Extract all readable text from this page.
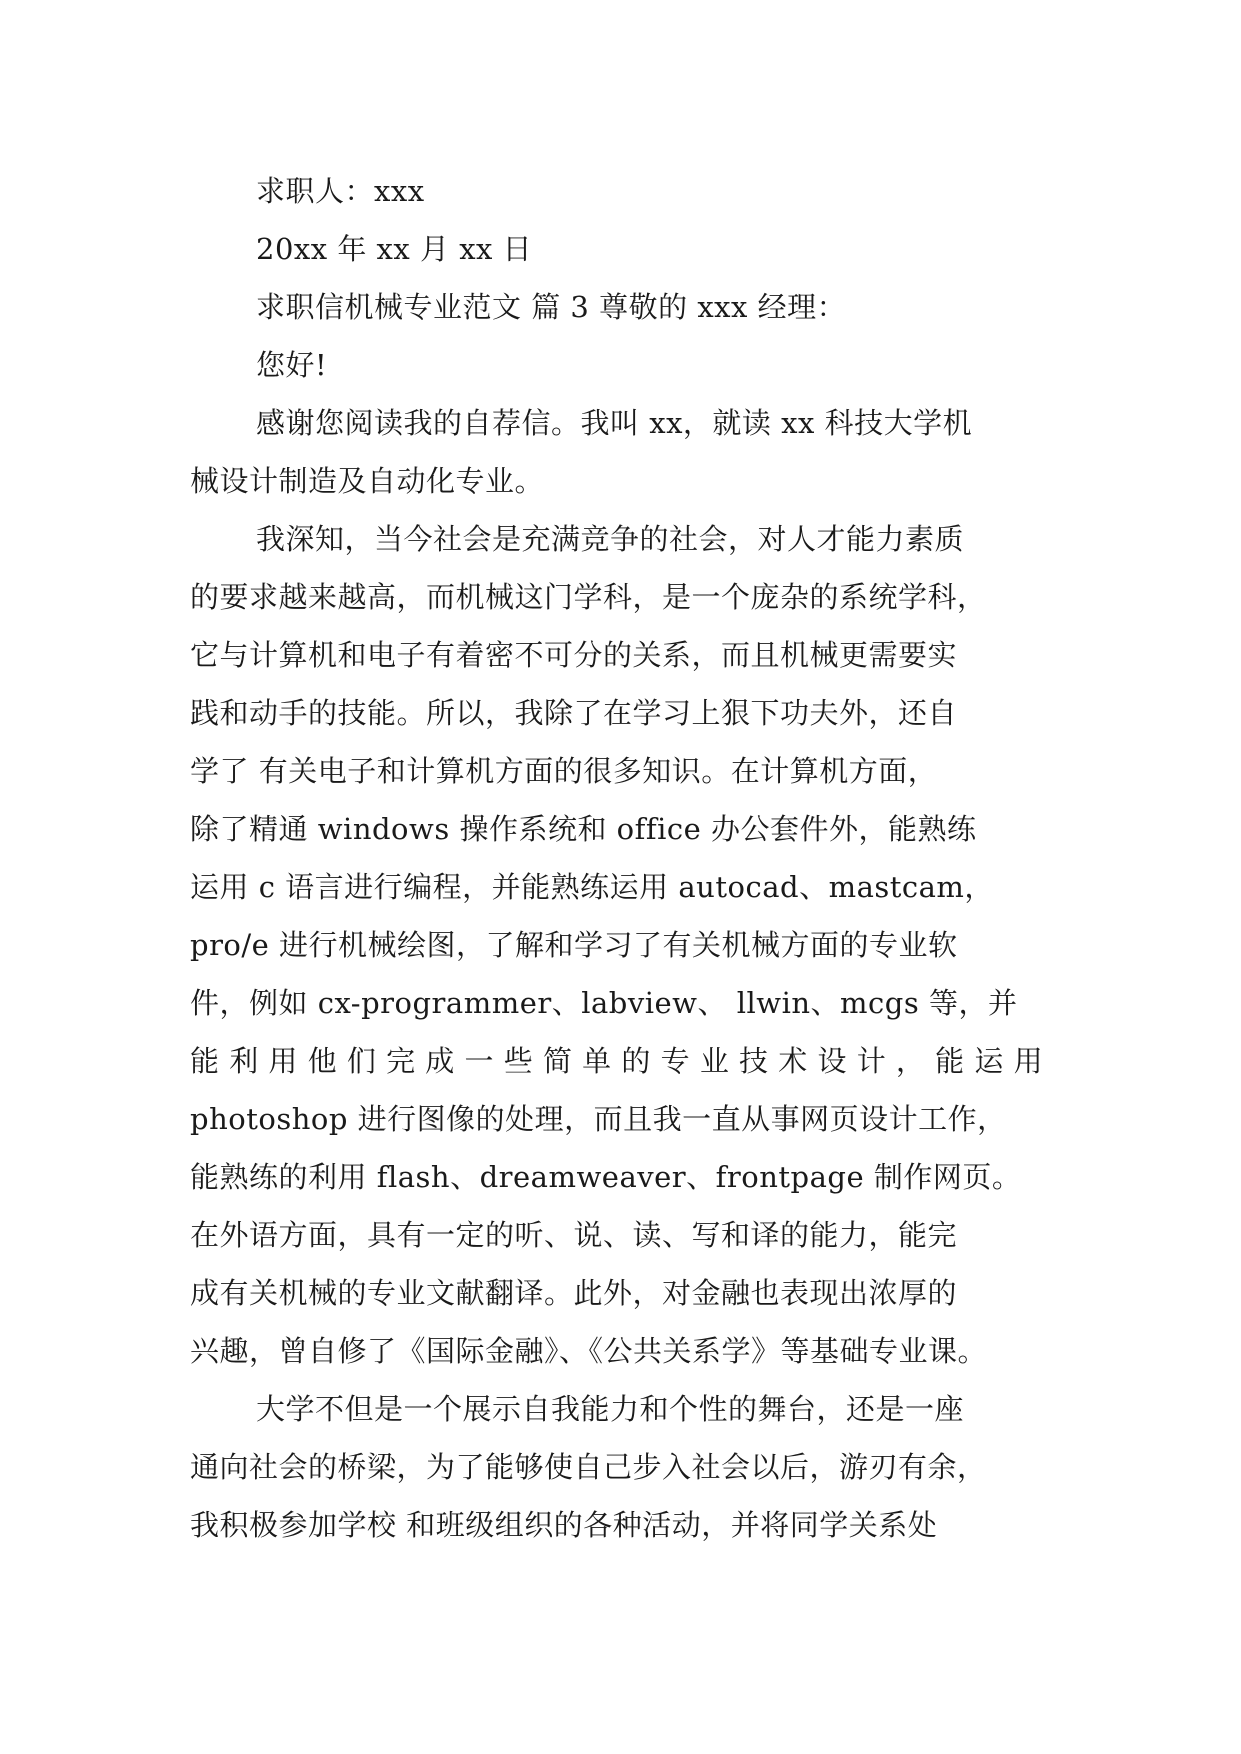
求职人：xxx
20xx 年 xx 月 xx 日
求职信机械专业范文 篇 3 尊敬的 xxx 经理：
您好!
感谢您阅读我的自荐信。我叫 xx，就读 xx 科技大学机
械设计制造及自动化专业。
我深知，当今社会是充满竞争的社会，对人才能力素质
的要求越来越高，而机械这门学科，是一个庞杂的系统学科，
它与计算机和电子有着密不可分的关系，而且机械更需要实
践和动手的技能。所以，我除了在学习上狠下功夫外，还自
学了 有关电子和计算机方面的很多知识。在计算机方面，
除了精通 windows 操作系统和 office 办公套件外，能熟练
运用 c 语言进行编程，并能熟练运用 autocad、mastcam，
pro/e 进行机械绘图，了解和学习了有关机械方面的专业软
件，例如 cx-programmer、labview、 llwin、mcgs 等，并
能 利 用 他 们 完 成 一 些 简 单 的 专 业 技 术 设 计 ， 能 运 用
photoshop 进行图像的处理，而且我一直从事网页设计工作，
能熟练的利用 flash、dreamweaver、frontpage 制作网页。
在外语方面，具有一定的听、说、读、写和译的能力，能完
成有关机械的专业文献翻译。此外，对金融也表现出浓厚的
兴趣，曾自修了《国际金融》、《公共关系学》等基础专业课。
大学不但是一个展示自我能力和个性的舞台，还是一座
通向社会的桥梁，为了能够使自己步入社会以后，游刃有余，
我积极参加学校 和班级组织的各种活动，并将同学关系处
